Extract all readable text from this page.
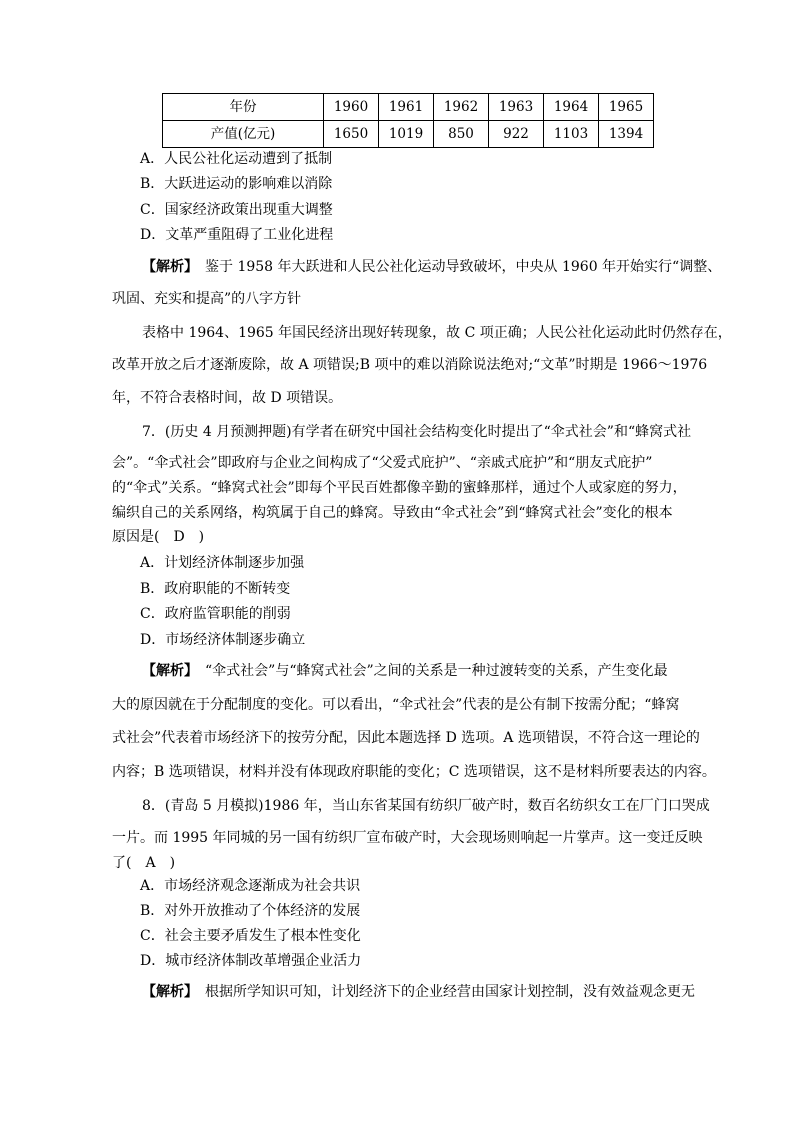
年份	1960	1961	1962	1963	1964	1965
产值(亿元)	1650	1019	850	922	1103	1394
A．人民公社化运动遭到了抵制
B．大跃进运动的影响难以消除
C．国家经济政策出现重大调整
D．文革严重阻碍了工业化进程
【解析】　鉴于 1958 年大跃进和人民公社化运动导致破坏，中央从 1960 年开始实行“调整、
巩固、充实和提高”的八字方针
表格中 1964、1965 年国民经济出现好转现象，故 C 项正确；人民公社化运动此时仍然存在，
改革开放之后才逐渐废除，故 A 项错误;B 项中的难以消除说法绝对;“文革”时期是 1966～1976
年，不符合表格时间，故 D 项错误。
7．(历史 4 月预测押题)有学者在研究中国社会结构变化时提出了“伞式社会”和“蜂窝式社
会”。“伞式社会”即政府与企业之间构成了“父爱式庇护”、“亲戚式庇护”和“朋友式庇护”
的“伞式”关系。“蜂窝式社会”即每个平民百姓都像辛勤的蜜蜂那样，通过个人或家庭的努力，
编织自己的关系网络，构筑属于自己的蜂窝。导致由“伞式社会”到“蜂窝式社会”变化的根本
原因是(　D　)
A．计划经济体制逐步加强
B．政府职能的不断转变
C．政府监管职能的削弱
D．市场经济体制逐步确立
【解析】　“伞式社会”与“蜂窝式社会”之间的关系是一种过渡转变的关系，产生变化最
大的原因就在于分配制度的变化。可以看出，“伞式社会”代表的是公有制下按需分配；“蜂窝
式社会”代表着市场经济下的按劳分配，因此本题选择 D 选项。A 选项错误，不符合这一理论的
内容；B 选项错误，材料并没有体现政府职能的变化；C 选项错误，这不是材料所要表达的内容。
8．(青岛 5 月模拟)1986 年，当山东省某国有纺织厂破产时，数百名纺织女工在厂门口哭成
一片。而 1995 年同城的另一国有纺织厂宣布破产时，大会现场则响起一片掌声。这一变迁反映
了(　A　)
A．市场经济观念逐渐成为社会共识
B．对外开放推动了个体经济的发展
C．社会主要矛盾发生了根本性变化
D．城市经济体制改革增强企业活力
【解析】　根据所学知识可知，计划经济下的企业经营由国家计划控制，没有效益观念更无
